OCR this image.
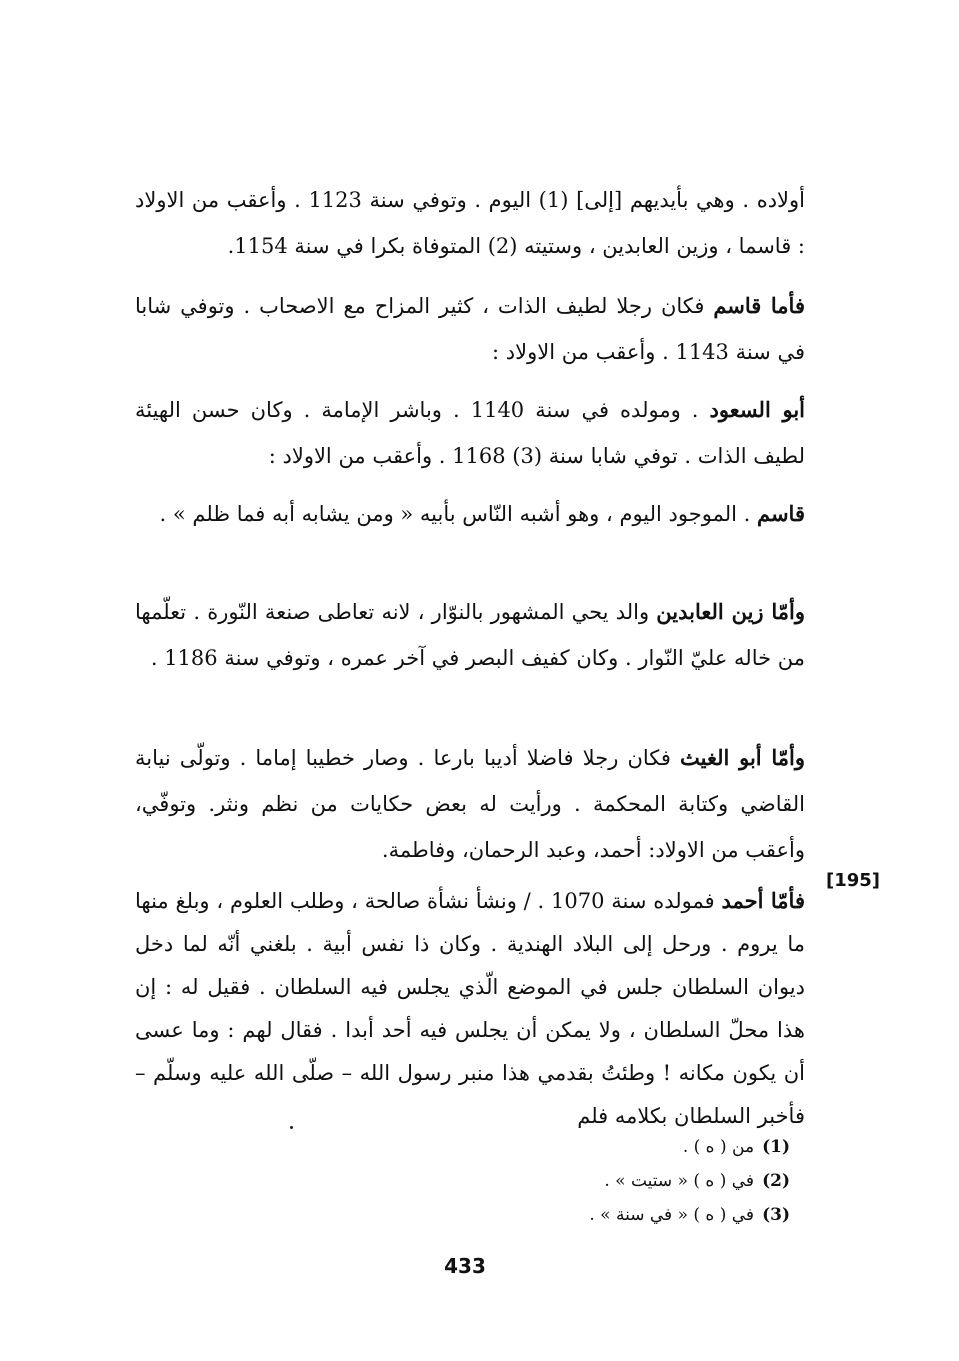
أولاده . وهي بأيديهم [إلى] (1) اليوم . وتوفي سنة 1123 . وأعقب من الاولاد : قاسما ، وزين العابدين ، وستيته (2) المتوفاة بكرا في سنة 1154.

فأما قاسم فكان رجلا لطيف الذات ، كثير المزاح مع الاصحاب . وتوفي شابا في سنة 1143 . وأعقب من الاولاد :

أبو السعود . ومولده في سنة 1140 . وباشر الإمامة . وكان حسن الهيئة لطيف الذات . توفي شابا سنة (3) 1168 . وأعقب من الاولاد :

قاسم . الموجود اليوم ، وهو أشبه النّاس بأبيه « ومن يشابه أبه فما ظلم » .

وأمّا زين العابدين والد يحي المشهور بالنوّار ، لانه تعاطى صنعة النّورة . تعلّمها من خاله عليّ النّوار . وكان كفيف البصر في آخر عمره ، وتوفي سنة 1186 .

وأمّا أبو الغيث فكان رجلا فاضلا أديبا بارعا . وصار خطيبا إماما . وتولّى نيابة القاضي وكتابة المحكمة . ورأيت له بعض حكايات من نظم ونثر. وتوفّي، وأعقب من الاولاد: أحمد، وعبد الرحمان، وفاطمة.

[195]

فأمّا أحمد فمولده سنة 1070 . / ونشأ نشأة صالحة ، وطلب العلوم ، وبلغ منها ما يروم . ورحل إلى البلاد الهندية . وكان ذا نفس أبية . بلغني أنّه لما دخل ديوان السلطان جلس في الموضع الّذي يجلس فيه السلطان . فقيل له : إن هذا محلّ السلطان ، ولا يمكن أن يجلس فيه أحد أبدا . فقال لهم : وما عسى أن يكون مكانه ! وطئتُ بقدمي هذا منبر رسول الله – صلّى الله عليه وسلّم – فأخبر السلطان بكلامه فلم

(1)من ( ه ) .
(2)في ( ه ) « ستيت » .
(3)في ( ه ) « في سنة » .
433
